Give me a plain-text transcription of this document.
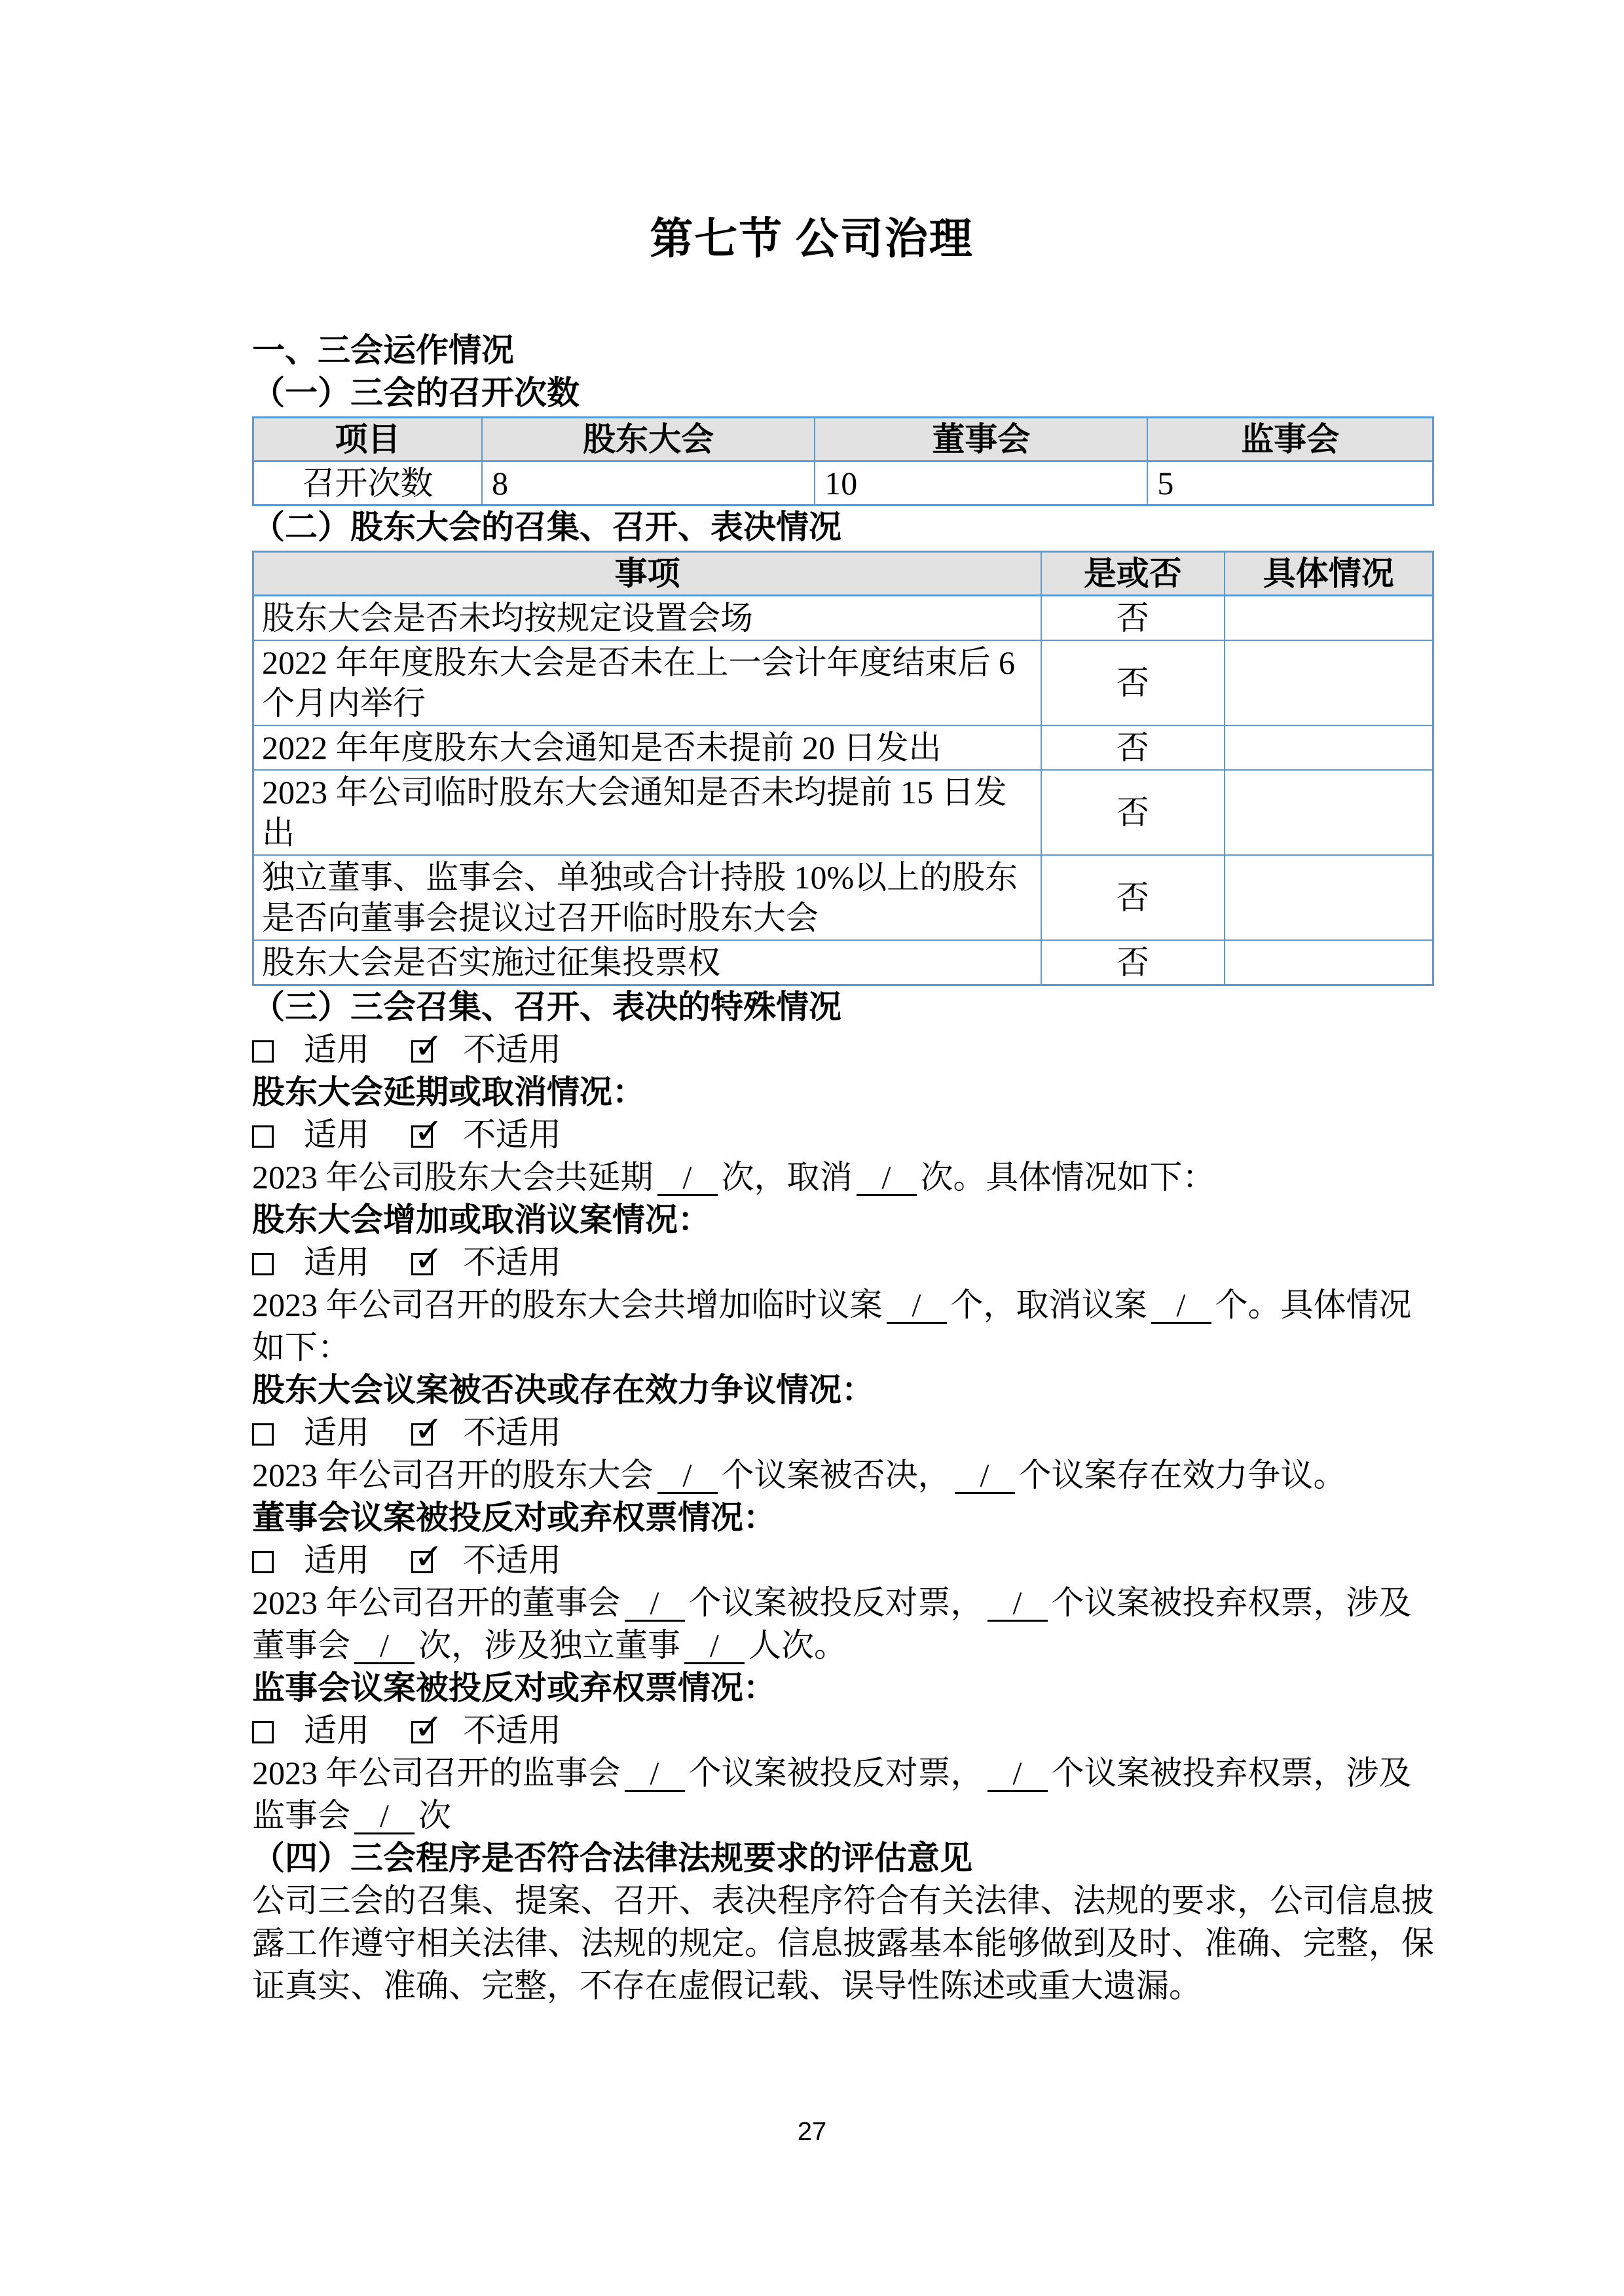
第七节 公司治理
一、三会运作情况
（一）三会的召开次数
项目	股东大会	董事会	监事会
召开次数	8	10	5
（二）股东大会的召集、召开、表决情况
事项	是或否	具体情况
股东大会是否未均按规定设置会场	否	
2022 年年度股东大会是否未在上一会计年度结束后 6 个月内举行	否	
2022 年年度股东大会通知是否未提前 20 日发出	否	
2023 年公司临时股东大会通知是否未均提前 15 日发出	否	
独立董事、监事会、单独或合计持股 10%以上的股东是否向董事会提议过召开临时股东大会	否	
股东大会是否实施过征集投票权	否	
（三）三会召集、召开、表决的特殊情况

适用 ✓ 不适用

股东大会延期或取消情况：

适用 ✓ 不适用

2023 年公司股东大会共延期 / 次，取消 / 次。具体情况如下：

股东大会增加或取消议案情况：

适用 ✓ 不适用

2023 年公司召开的股东大会共增加临时议案 / 个，取消议案 / 个。具体情况如下：

股东大会议案被否决或存在效力争议情况：

适用 ✓ 不适用

2023 年公司召开的股东大会 / 个议案被否决， / 个议案存在效力争议。

董事会议案被投反对或弃权票情况：

适用 ✓ 不适用

2023 年公司召开的董事会 / 个议案被投反对票， / 个议案被投弃权票，涉及董事会 / 次，涉及独立董事 / 人次。

监事会议案被投反对或弃权票情况：

适用 ✓ 不适用

2023 年公司召开的监事会 / 个议案被投反对票， / 个议案被投弃权票，涉及监事会 / 次

（四）三会程序是否符合法律法规要求的评估意见

公司三会的召集、提案、召开、表决程序符合有关法律、法规的要求，公司信息披露工作遵守相关法律、法规的规定。信息披露基本能够做到及时、准确、完整，保证真实、准确、完整，不存在虚假记载、误导性陈述或重大遗漏。

27
